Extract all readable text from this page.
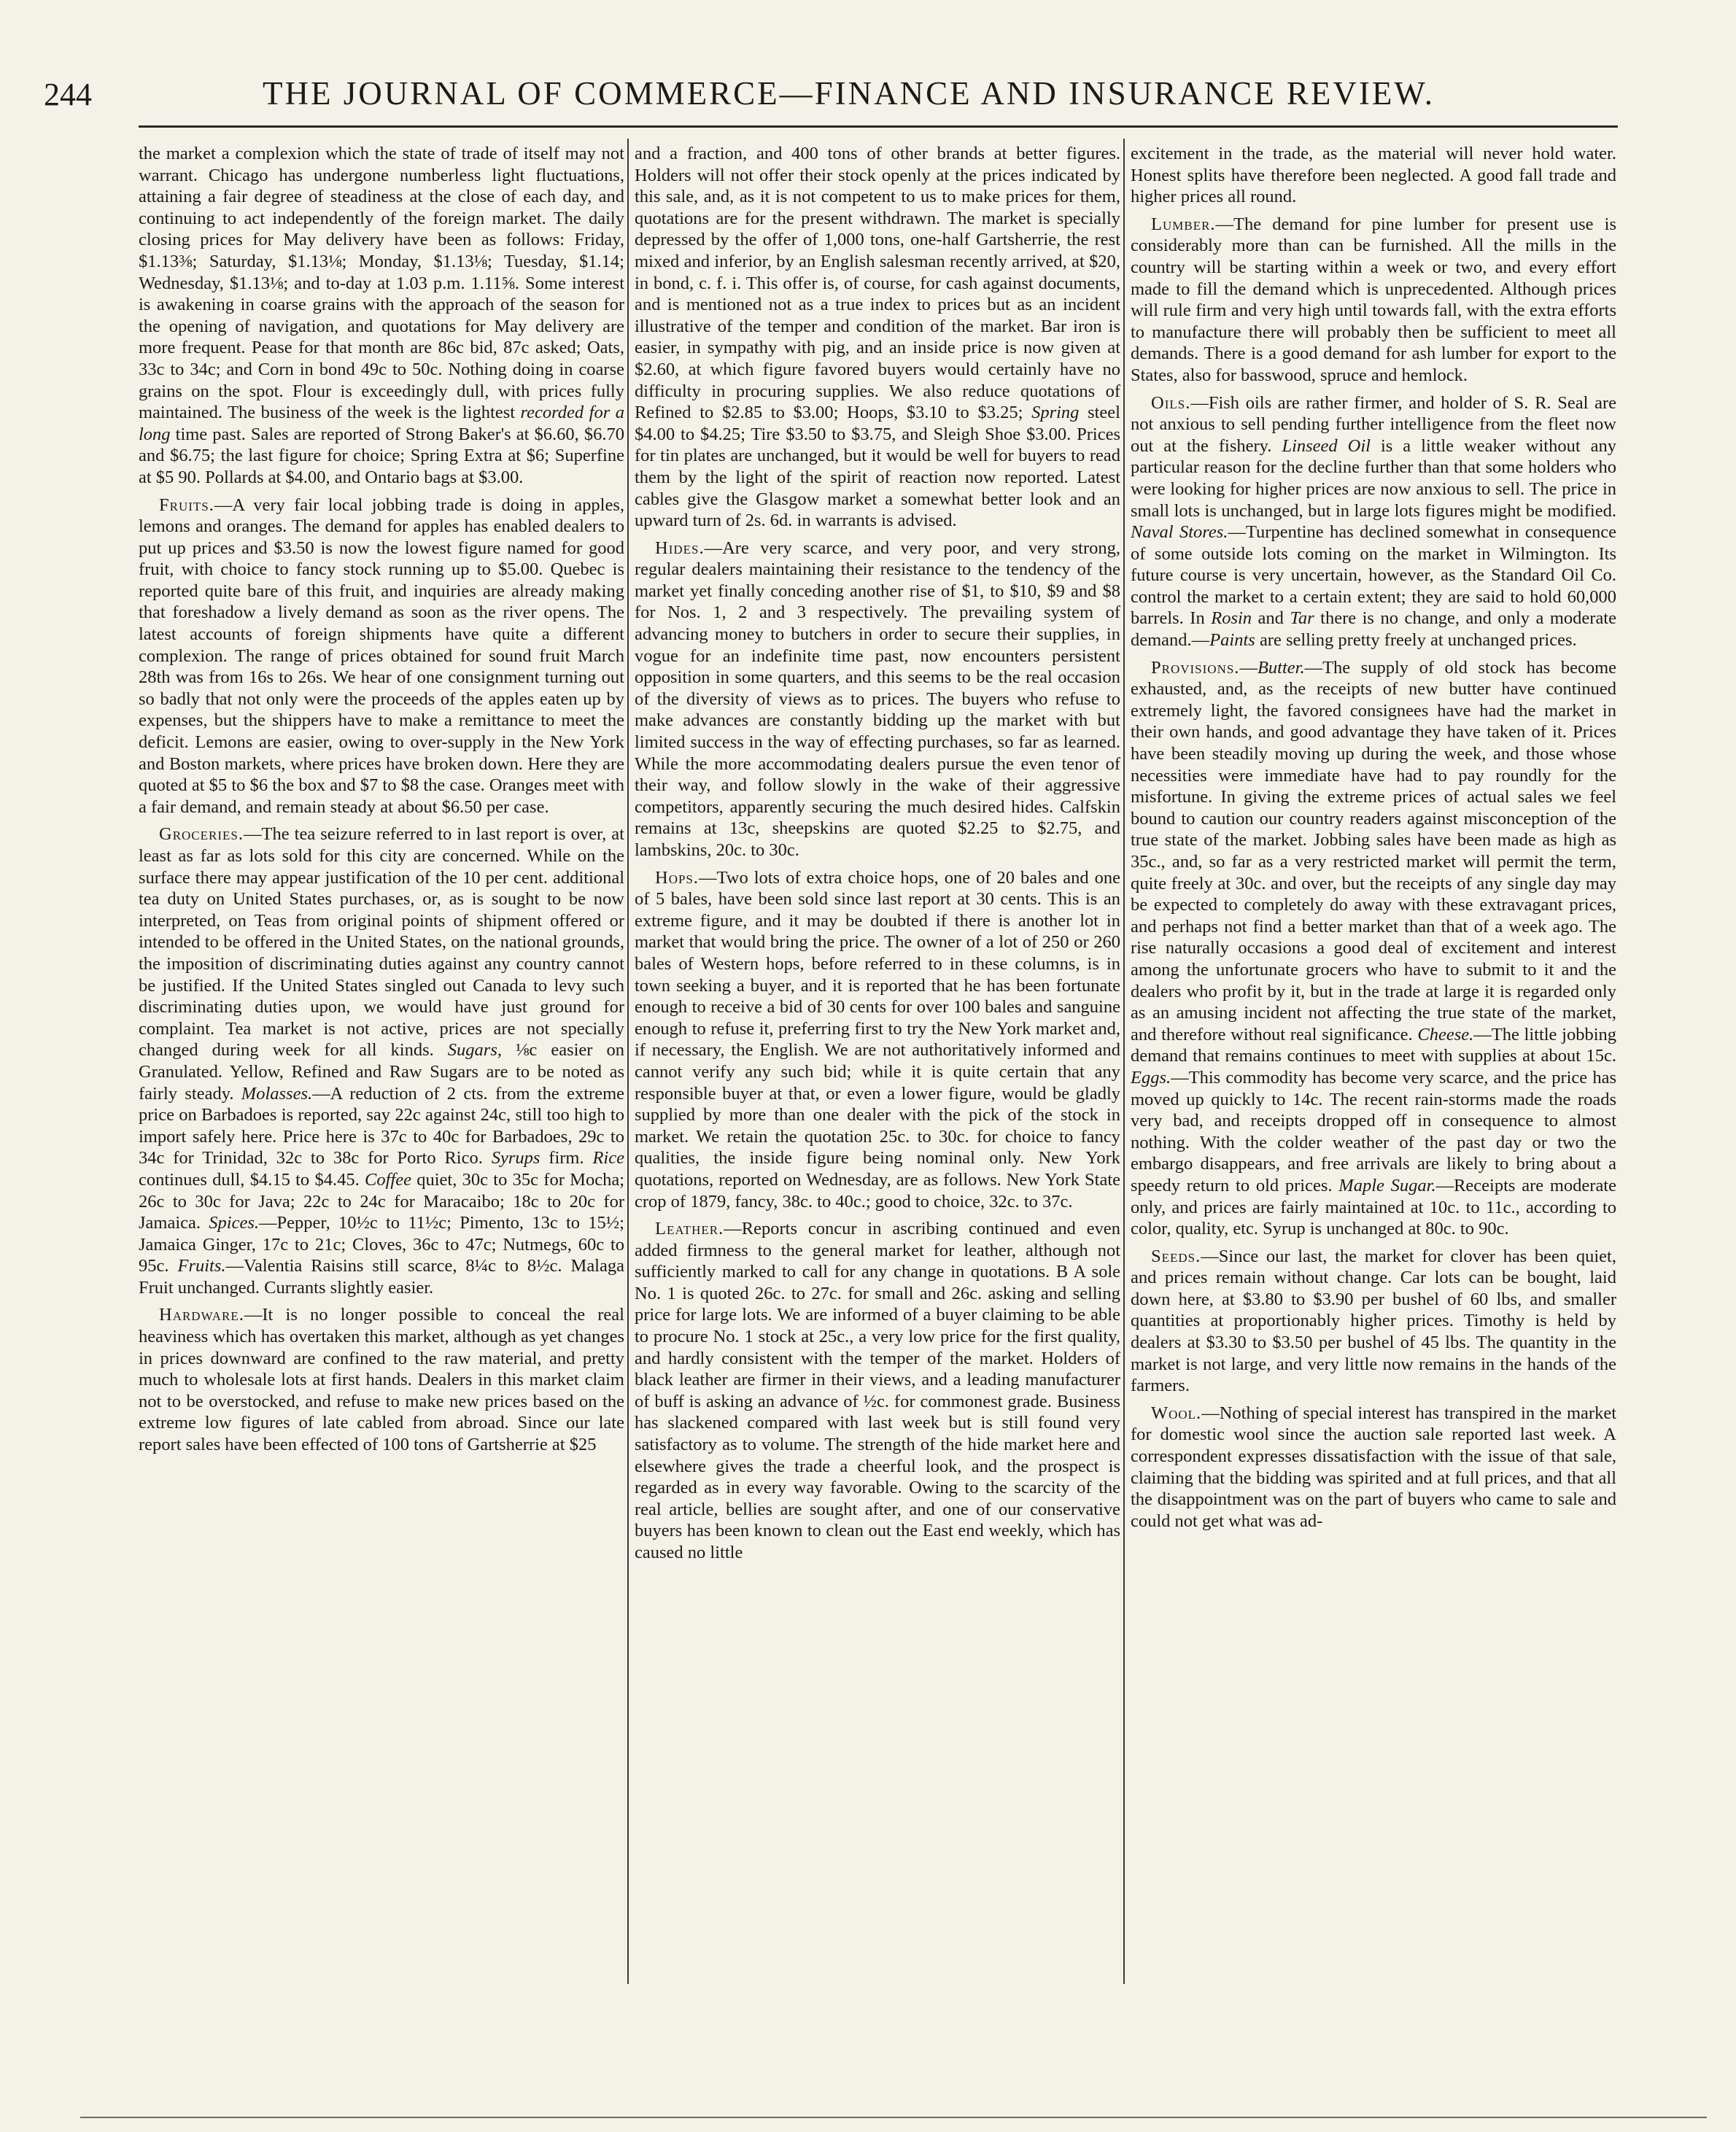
244	THE JOURNAL OF COMMERCE—FINANCE AND INSURANCE REVIEW.

the market a complexion which the state of trade of itself may not warrant. Chicago has undergone numberless light fluctuations, attaining a fair degree of steadiness at the close of each day, and continuing to act independently of the foreign market. The daily closing prices for May delivery have been as follows: Friday, $1.13⅜; Saturday, $1.13⅛; Monday, $1.13⅛; Tuesday, $1.14; Wednesday, $1.13⅛; and to-day at 1.03 p.m. 1.11⅝. Some interest is awakening in coarse grains with the approach of the season for the opening of navigation, and quotations for May delivery are more frequent. Pease for that month are 86c bid, 87c asked; Oats, 33c to 34c; and Corn in bond 49c to 50c. Nothing doing in coarse grains on the spot. Flour is exceedingly dull, with prices fully maintained. The business of the week is the lightest recorded for a long time past. Sales are reported of Strong Baker's at $6.60, $6.70 and $6.75; the last figure for choice; Spring Extra at $6; Superfine at $5 90. Pollards at $4.00, and Ontario bags at $3.00.

Fruits.—A very fair local jobbing trade is doing in apples, lemons and oranges. The demand for apples has enabled dealers to put up prices and $3.50 is now the lowest figure named for good fruit, with choice to fancy stock running up to $5.00. Quebec is reported quite bare of this fruit, and inquiries are already making that foreshadow a lively demand as soon as the river opens. The latest accounts of foreign shipments have quite a different complexion. The range of prices obtained for sound fruit March 28th was from 16s to 26s. We hear of one consignment turning out so badly that not only were the proceeds of the apples eaten up by expenses, but the shippers have to make a remittance to meet the deficit. Lemons are easier, owing to over-supply in the New York and Boston markets, where prices have broken down. Here they are quoted at $5 to $6 the box and $7 to $8 the case. Oranges meet with a fair demand, and remain steady at about $6.50 per case.

Groceries.—The tea seizure referred to in last report is over, at least as far as lots sold for this city are concerned. While on the surface there may appear justification of the 10 per cent. additional tea duty on United States purchases, or, as is sought to be now interpreted, on Teas from original points of shipment offered or intended to be offered in the United States, on the national grounds, the imposition of discriminating duties against any country cannot be justified. If the United States singled out Canada to levy such discriminating duties upon, we would have just ground for complaint. Tea market is not active, prices are not specially changed during week for all kinds. Sugars, ⅛c easier on Granulated. Yellow, Refined and Raw Sugars are to be noted as fairly steady. Molasses.—A reduction of 2 cts. from the extreme price on Barbadoes is reported, say 22c against 24c, still too high to import safely here. Price here is 37c to 40c for Barbadoes, 29c to 34c for Trinidad, 32c to 38c for Porto Rico. Syrups firm. Rice continues dull, $4.15 to $4.45. Coffee quiet, 30c to 35c for Mocha; 26c to 30c for Java; 22c to 24c for Maracaibo; 18c to 20c for Jamaica. Spices.—Pepper, 10½c to 11½c; Pimento, 13c to 15½; Jamaica Ginger, 17c to 21c; Cloves, 36c to 47c; Nutmegs, 60c to 95c. Fruits.—Valentia Raisins still scarce, 8¼c to 8½c. Malaga Fruit unchanged. Currants slightly easier.

Hardware.—It is no longer possible to conceal the real heaviness which has overtaken this market, although as yet changes in prices downward are confined to the raw material, and pretty much to wholesale lots at first hands. Dealers in this market claim not to be overstocked, and refuse to make new prices based on the extreme low figures of late cabled from abroad. Since our late report sales have been effected of 100 tons of Gartsherrie at $25

and a fraction, and 400 tons of other brands at better figures. Holders will not offer their stock openly at the prices indicated by this sale, and, as it is not competent to us to make prices for them, quotations are for the present withdrawn. The market is specially depressed by the offer of 1,000 tons, one-half Gartsherrie, the rest mixed and inferior, by an English salesman recently arrived, at $20, in bond, c. f. i. This offer is, of course, for cash against documents, and is mentioned not as a true index to prices but as an incident illustrative of the temper and condition of the market. Bar iron is easier, in sympathy with pig, and an inside price is now given at $2.60, at which figure favored buyers would certainly have no difficulty in procuring supplies. We also reduce quotations of Refined to $2.85 to $3.00; Hoops, $3.10 to $3.25; Spring steel $4.00 to $4.25; Tire $3.50 to $3.75, and Sleigh Shoe $3.00. Prices for tin plates are unchanged, but it would be well for buyers to read them by the light of the spirit of reaction now reported. Latest cables give the Glasgow market a somewhat better look and an upward turn of 2s. 6d. in warrants is advised.

Hides.—Are very scarce, and very poor, and very strong, regular dealers maintaining their resistance to the tendency of the market yet finally conceding another rise of $1, to $10, $9 and $8 for Nos. 1, 2 and 3 respectively. The prevailing system of advancing money to butchers in order to secure their supplies, in vogue for an indefinite time past, now encounters persistent opposition in some quarters, and this seems to be the real occasion of the diversity of views as to prices. The buyers who refuse to make advances are constantly bidding up the market with but limited success in the way of effecting purchases, so far as learned. While the more accommodating dealers pursue the even tenor of their way, and follow slowly in the wake of their aggressive competitors, apparently securing the much desired hides. Calfskin remains at 13c, sheepskins are quoted $2.25 to $2.75, and lambskins, 20c. to 30c.

Hops.—Two lots of extra choice hops, one of 20 bales and one of 5 bales, have been sold since last report at 30 cents. This is an extreme figure, and it may be doubted if there is another lot in market that would bring the price. The owner of a lot of 250 or 260 bales of Western hops, before referred to in these columns, is in town seeking a buyer, and it is reported that he has been fortunate enough to receive a bid of 30 cents for over 100 bales and sanguine enough to refuse it, preferring first to try the New York market and, if necessary, the English. We are not authoritatively informed and cannot verify any such bid; while it is quite certain that any responsible buyer at that, or even a lower figure, would be gladly supplied by more than one dealer with the pick of the stock in market. We retain the quotation 25c. to 30c. for choice to fancy qualities, the inside figure being nominal only. New York quotations, reported on Wednesday, are as follows. New York State crop of 1879, fancy, 38c. to 40c.; good to choice, 32c. to 37c.

Leather.—Reports concur in ascribing continued and even added firmness to the general market for leather, although not sufficiently marked to call for any change in quotations. B A sole No. 1 is quoted 26c. to 27c. for small and 26c. asking and selling price for large lots. We are informed of a buyer claiming to be able to procure No. 1 stock at 25c., a very low price for the first quality, and hardly consistent with the temper of the market. Holders of black leather are firmer in their views, and a leading manufacturer of buff is asking an advance of ½c. for commonest grade. Business has slackened compared with last week but is still found very satisfactory as to volume. The strength of the hide market here and elsewhere gives the trade a cheerful look, and the prospect is regarded as in every way favorable. Owing to the scarcity of the real article, bellies are sought after, and one of our conservative buyers has been known to clean out the East end weekly, which has caused no little

excitement in the trade, as the material will never hold water. Honest splits have therefore been neglected. A good fall trade and higher prices all round.

Lumber.—The demand for pine lumber for present use is considerably more than can be furnished. All the mills in the country will be starting within a week or two, and every effort made to fill the demand which is unprecedented. Although prices will rule firm and very high until towards fall, with the extra efforts to manufacture there will probably then be sufficient to meet all demands. There is a good demand for ash lumber for export to the States, also for basswood, spruce and hemlock.

Oils.—Fish oils are rather firmer, and holder of S. R. Seal are not anxious to sell pending further intelligence from the fleet now out at the fishery. Linseed Oil is a little weaker without any particular reason for the decline further than that some holders who were looking for higher prices are now anxious to sell. The price in small lots is unchanged, but in large lots figures might be modified. Naval Stores.—Turpentine has declined somewhat in consequence of some outside lots coming on the market in Wilmington. Its future course is very uncertain, however, as the Standard Oil Co. control the market to a certain extent; they are said to hold 60,000 barrels. In Rosin and Tar there is no change, and only a moderate demand.—Paints are selling pretty freely at unchanged prices.

Provisions.—Butter.—The supply of old stock has become exhausted, and, as the receipts of new butter have continued extremely light, the favored consignees have had the market in their own hands, and good advantage they have taken of it. Prices have been steadily moving up during the week, and those whose necessities were immediate have had to pay roundly for the misfortune. In giving the extreme prices of actual sales we feel bound to caution our country readers against misconception of the true state of the market. Jobbing sales have been made as high as 35c., and, so far as a very restricted market will permit the term, quite freely at 30c. and over, but the receipts of any single day may be expected to completely do away with these extravagant prices, and perhaps not find a better market than that of a week ago. The rise naturally occasions a good deal of excitement and interest among the unfortunate grocers who have to submit to it and the dealers who profit by it, but in the trade at large it is regarded only as an amusing incident not affecting the true state of the market, and therefore without real significance. Cheese.—The little jobbing demand that remains continues to meet with supplies at about 15c. Eggs.—This commodity has become very scarce, and the price has moved up quickly to 14c. The recent rain-storms made the roads very bad, and receipts dropped off in consequence to almost nothing. With the colder weather of the past day or two the embargo disappears, and free arrivals are likely to bring about a speedy return to old prices. Maple Sugar.—Receipts are moderate only, and prices are fairly maintained at 10c. to 11c., according to color, quality, etc. Syrup is unchanged at 80c. to 90c.

Seeds.—Since our last, the market for clover has been quiet, and prices remain without change. Car lots can be bought, laid down here, at $3.80 to $3.90 per bushel of 60 lbs, and smaller quantities at proportionably higher prices. Timothy is held by dealers at $3.30 to $3.50 per bushel of 45 lbs. The quantity in the market is not large, and very little now remains in the hands of the farmers.

Wool.—Nothing of special interest has transpired in the market for domestic wool since the auction sale reported last week. A correspondent expresses dissatisfaction with the issue of that sale, claiming that the bidding was spirited and at full prices, and that all the disappointment was on the part of buyers who came to sale and could not get what was ad-
